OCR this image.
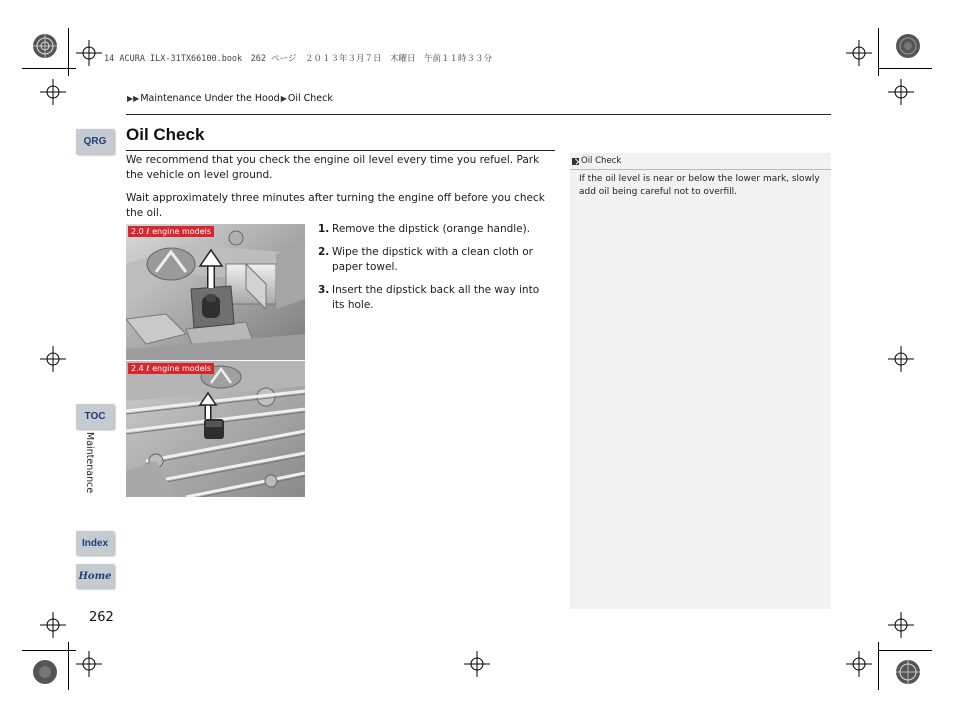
14 ACURA ILX-31TX66100.book　262 ページ　２０１３年３月７日　木曜日　午前１１時３３分
▶▶Maintenance Under the Hood▶Oil Check
QRG
TOC
Maintenance
Index
Home
262
Oil Check
We recommend that you check the engine oil level every time you refuel. Park the vehicle on level ground.
Wait approximately three minutes after turning the engine off before you check the oil.
2.0 ℓ engine models
2.4 ℓ engine models
1. Remove the dipstick (orange handle).
2. Wipe the dipstick with a clean cloth or paper towel.
3. Insert the dipstick back all the way into its hole.
Oil Check
If the oil level is near or below the lower mark, slowly add oil being careful not to overfill.
